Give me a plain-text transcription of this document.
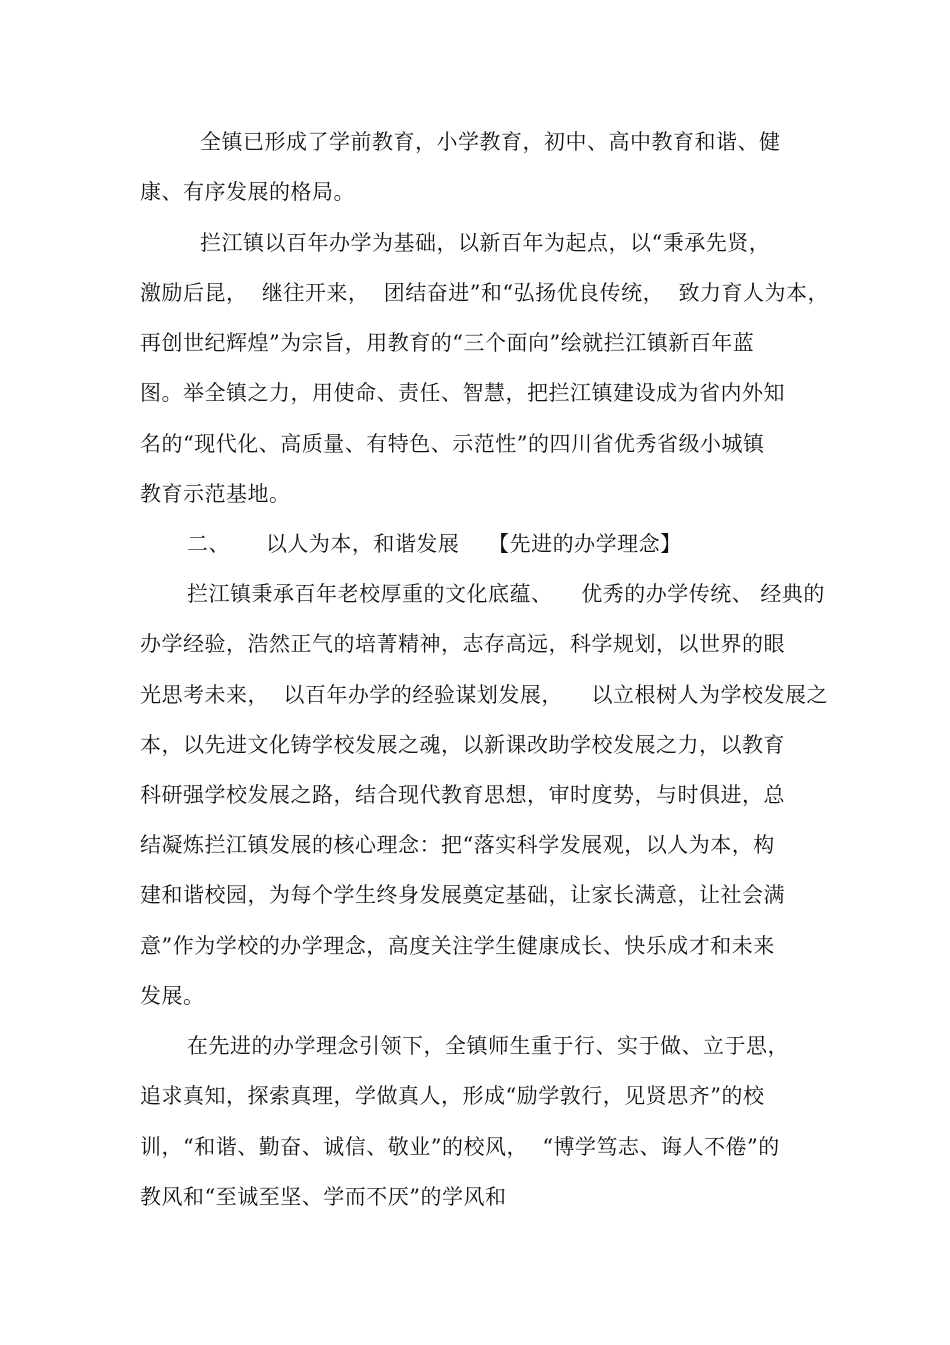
全镇已形成了学前教育，小学教育，初中、高中教育和谐、健
康、有序发展的格局。
拦江镇以百年办学为基础，以新百年为起点，以“秉承先贤，
激励后昆，  继往开来，  团结奋进”和“弘扬优良传统，  致力育人为本，
再创世纪辉煌”为宗旨，用教育的“三个面向”绘就拦江镇新百年蓝
图。举全镇之力，用使命、责任、智慧，把拦江镇建设成为省内外知
名的“现代化、高质量、有特色、示范性”的四川省优秀省级小城镇
教育示范基地。
二、     以人为本，和谐发展    【先进的办学理念】
拦江镇秉承百年老校厚重的文化底蕴、    优秀的办学传统、 经典的
办学经验，浩然正气的培菁精神，志存高远，科学规划，以世界的眼
光思考未来，  以百年办学的经验谋划发展，    以立根树人为学校发展之
本，以先进文化铸学校发展之魂，以新课改助学校发展之力，以教育
科研强学校发展之路，结合现代教育思想，审时度势，与时俱进，总
结凝炼拦江镇发展的核心理念：把“落实科学发展观，以人为本，构
建和谐校园，为每个学生终身发展奠定基础，让家长满意，让社会满
意”作为学校的办学理念，高度关注学生健康成长、快乐成才和未来
发展。
在先进的办学理念引领下，全镇师生重于行、实于做、立于思，
追求真知，探索真理，学做真人，形成“励学敦行，见贤思齐”的校
训，“和谐、勤奋、诚信、敬业”的校风，  “博学笃志、诲人不倦”的
教风和“至诚至坚、学而不厌”的学风和
